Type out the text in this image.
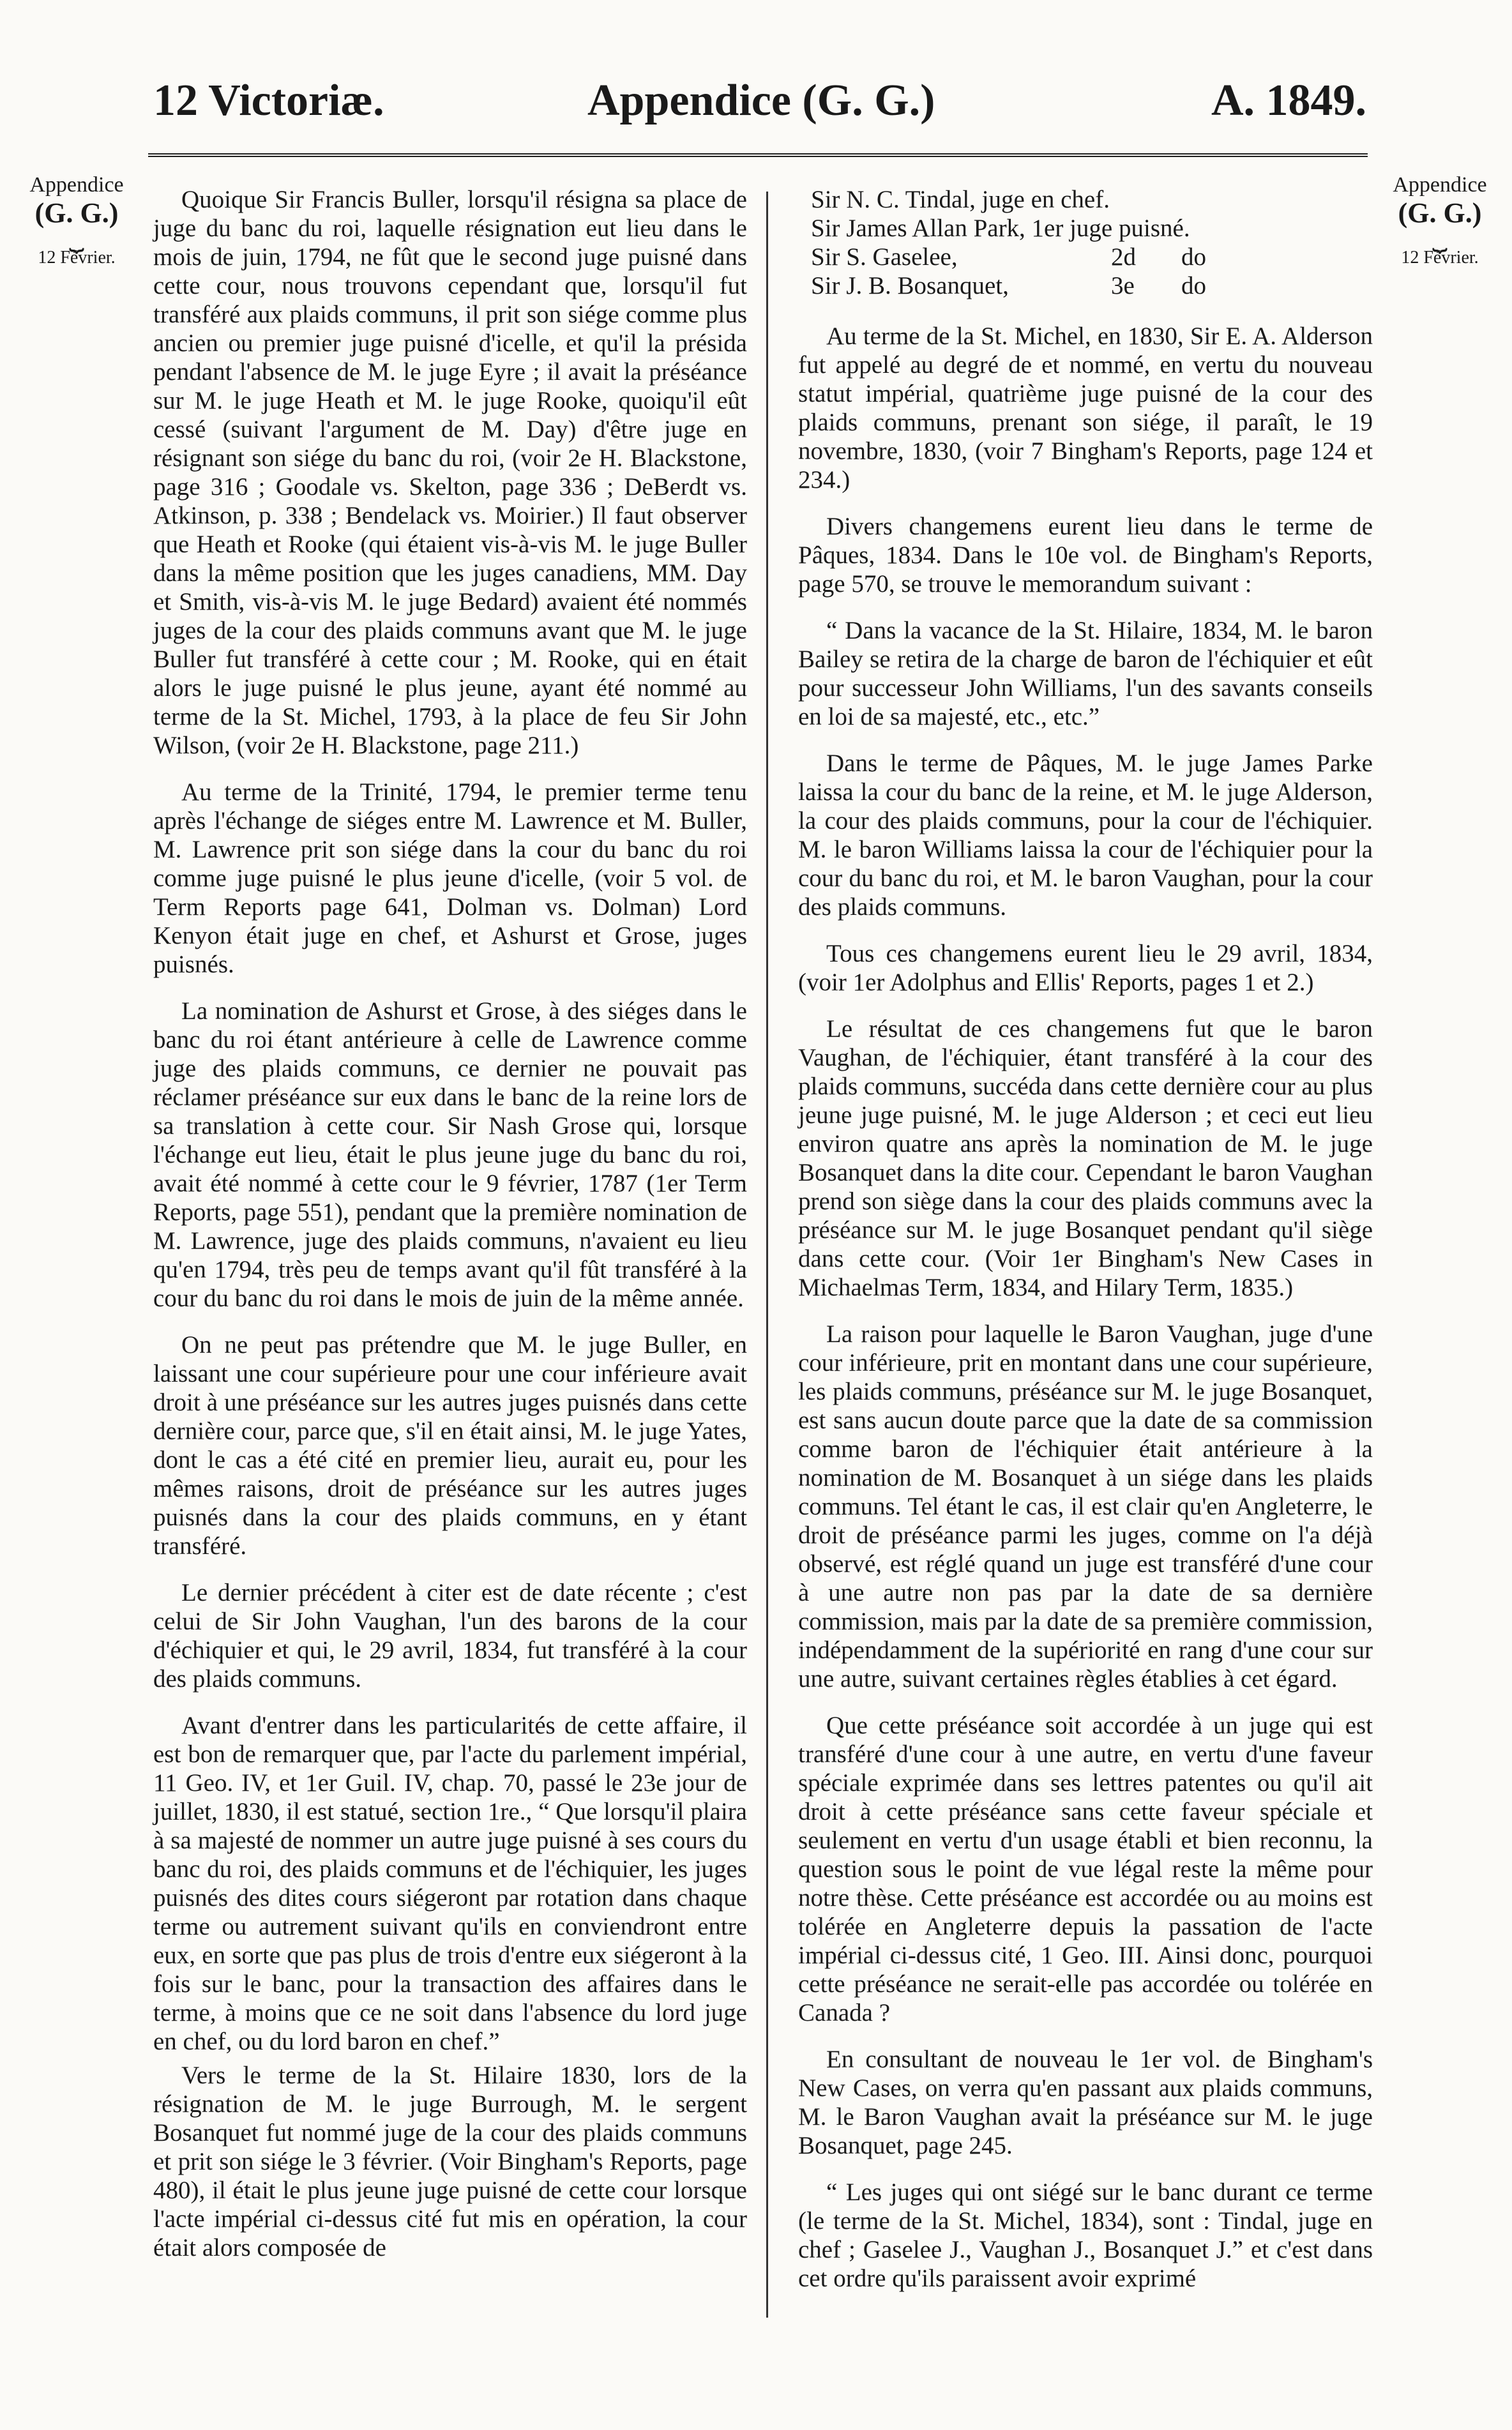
12 Victoriæ.	Appendice (G. G.)	A. 1849.
Appendice
(G. G.)
⏟
12 Février.
Appendice
(G. G.)
⏟
12 Février.

Quoique Sir Francis Buller, lorsqu'il résigna sa place de juge du banc du roi, laquelle résignation eut lieu dans le mois de juin, 1794, ne fût que le second juge puisné dans cette cour, nous trouvons cependant que, lorsqu'il fut transféré aux plaids communs, il prit son siége comme plus ancien ou premier juge puisné d'icelle, et qu'il la présida pendant l'absence de M. le juge Eyre ; il avait la préséance sur M. le juge Heath et M. le juge Rooke, quoiqu'il eût cessé (suivant l'argument de M. Day) d'être juge en résignant son siége du banc du roi, (voir 2e H. Blackstone, page 316 ; Goodale vs. Skelton, page 336 ; DeBerdt vs. Atkinson, p. 338 ; Bendelack vs. Moirier.) Il faut observer que Heath et Rooke (qui étaient vis-à-vis M. le juge Buller dans la même position que les juges canadiens, MM. Day et Smith, vis-à-vis M. le juge Bedard) avaient été nommés juges de la cour des plaids communs avant que M. le juge Buller fut transféré à cette cour ; M. Rooke, qui en était alors le juge puisné le plus jeune, ayant été nommé au terme de la St. Michel, 1793, à la place de feu Sir John Wilson, (voir 2e H. Blackstone, page 211.)

Au terme de la Trinité, 1794, le premier terme tenu après l'échange de siéges entre M. Lawrence et M. Buller, M. Lawrence prit son siége dans la cour du banc du roi comme juge puisné le plus jeune d'icelle, (voir 5 vol. de Term Reports page 641, Dolman vs. Dolman) Lord Kenyon était juge en chef, et Ashurst et Grose, juges puisnés.

La nomination de Ashurst et Grose, à des siéges dans le banc du roi étant antérieure à celle de Lawrence comme juge des plaids communs, ce dernier ne pouvait pas réclamer préséance sur eux dans le banc de la reine lors de sa translation à cette cour. Sir Nash Grose qui, lorsque l'échange eut lieu, était le plus jeune juge du banc du roi, avait été nommé à cette cour le 9 février, 1787 (1er Term Reports, page 551), pendant que la première nomination de M. Lawrence, juge des plaids communs, n'avaient eu lieu qu'en 1794, très peu de temps avant qu'il fût transféré à la cour du banc du roi dans le mois de juin de la même année.

On ne peut pas prétendre que M. le juge Buller, en laissant une cour supérieure pour une cour inférieure avait droit à une préséance sur les autres juges puisnés dans cette dernière cour, parce que, s'il en était ainsi, M. le juge Yates, dont le cas a été cité en premier lieu, aurait eu, pour les mêmes raisons, droit de préséance sur les autres juges puisnés dans la cour des plaids communs, en y étant transféré.

Le dernier précédent à citer est de date récente ; c'est celui de Sir John Vaughan, l'un des barons de la cour d'échiquier et qui, le 29 avril, 1834, fut transféré à la cour des plaids communs.

Avant d'entrer dans les particularités de cette affaire, il est bon de remarquer que, par l'acte du parlement impérial, 11 Geo. IV, et 1er Guil. IV, chap. 70, passé le 23e jour de juillet, 1830, il est statué, section 1re., “ Que lorsqu'il plaira à sa majesté de nommer un autre juge puisné à ses cours du banc du roi, des plaids communs et de l'échiquier, les juges puisnés des dites cours siégeront par rotation dans chaque terme ou autrement suivant qu'ils en conviendront entre eux, en sorte que pas plus de trois d'entre eux siégeront à la fois sur le banc, pour la transaction des affaires dans le terme, à moins que ce ne soit dans l'absence du lord juge en chef, ou du lord baron en chef.”

Vers le terme de la St. Hilaire 1830, lors de la résignation de M. le juge Burrough, M. le sergent Bosanquet fut nommé juge de la cour des plaids communs et prit son siége le 3 février. (Voir Bingham's Reports, page 480), il était le plus jeune juge puisné de cette cour lorsque l'acte impérial ci-dessus cité fut mis en opération, la cour était alors composée de

Sir N. C. Tindal, juge en chef.
Sir James Allan Park, 1er juge puisné.
Sir S. Gaselee,	2d	do
Sir J. B. Bosanquet,	3e	do

Au terme de la St. Michel, en 1830, Sir E. A. Alderson fut appelé au degré de et nommé, en vertu du nouveau statut impérial, quatrième juge puisné de la cour des plaids communs, prenant son siége, il paraît, le 19 novembre, 1830, (voir 7 Bingham's Reports, page 124 et 234.)

Divers changemens eurent lieu dans le terme de Pâques, 1834. Dans le 10e vol. de Bingham's Reports, page 570, se trouve le memorandum suivant :

“ Dans la vacance de la St. Hilaire, 1834, M. le baron Bailey se retira de la charge de baron de l'échiquier et eût pour successeur John Williams, l'un des savants conseils en loi de sa majesté, etc., etc.”

Dans le terme de Pâques, M. le juge James Parke laissa la cour du banc de la reine, et M. le juge Alderson, la cour des plaids communs, pour la cour de l'échiquier. M. le baron Williams laissa la cour de l'échiquier pour la cour du banc du roi, et M. le baron Vaughan, pour la cour des plaids communs.

Tous ces changemens eurent lieu le 29 avril, 1834, (voir 1er Adolphus and Ellis' Reports, pages 1 et 2.)

Le résultat de ces changemens fut que le baron Vaughan, de l'échiquier, étant transféré à la cour des plaids communs, succéda dans cette dernière cour au plus jeune juge puisné, M. le juge Alderson ; et ceci eut lieu environ quatre ans après la nomination de M. le juge Bosanquet dans la dite cour. Cependant le baron Vaughan prend son siège dans la cour des plaids communs avec la préséance sur M. le juge Bosanquet pendant qu'il siège dans cette cour. (Voir 1er Bingham's New Cases in Michaelmas Term, 1834, and Hilary Term, 1835.)

La raison pour laquelle le Baron Vaughan, juge d'une cour inférieure, prit en montant dans une cour supérieure, les plaids communs, préséance sur M. le juge Bosanquet, est sans aucun doute parce que la date de sa commission comme baron de l'échiquier était antérieure à la nomination de M. Bosanquet à un siége dans les plaids communs. Tel étant le cas, il est clair qu'en Angleterre, le droit de préséance parmi les juges, comme on l'a déjà observé, est réglé quand un juge est transféré d'une cour à une autre non pas par la date de sa dernière commission, mais par la date de sa première commission, indépendamment de la supériorité en rang d'une cour sur une autre, suivant certaines règles établies à cet égard.

Que cette préséance soit accordée à un juge qui est transféré d'une cour à une autre, en vertu d'une faveur spéciale exprimée dans ses lettres patentes ou qu'il ait droit à cette préséance sans cette faveur spéciale et seulement en vertu d'un usage établi et bien reconnu, la question sous le point de vue légal reste la même pour notre thèse. Cette préséance est accordée ou au moins est tolérée en Angleterre depuis la passation de l'acte impérial ci-dessus cité, 1 Geo. III. Ainsi donc, pourquoi cette préséance ne serait-elle pas accordée ou tolérée en Canada ?

En consultant de nouveau le 1er vol. de Bingham's New Cases, on verra qu'en passant aux plaids communs, M. le Baron Vaughan avait la préséance sur M. le juge Bosanquet, page 245.

“ Les juges qui ont siégé sur le banc durant ce terme (le terme de la St. Michel, 1834), sont : Tindal, juge en chef ; Gaselee J., Vaughan J., Bosanquet J.” et c'est dans cet ordre qu'ils paraissent avoir exprimé
